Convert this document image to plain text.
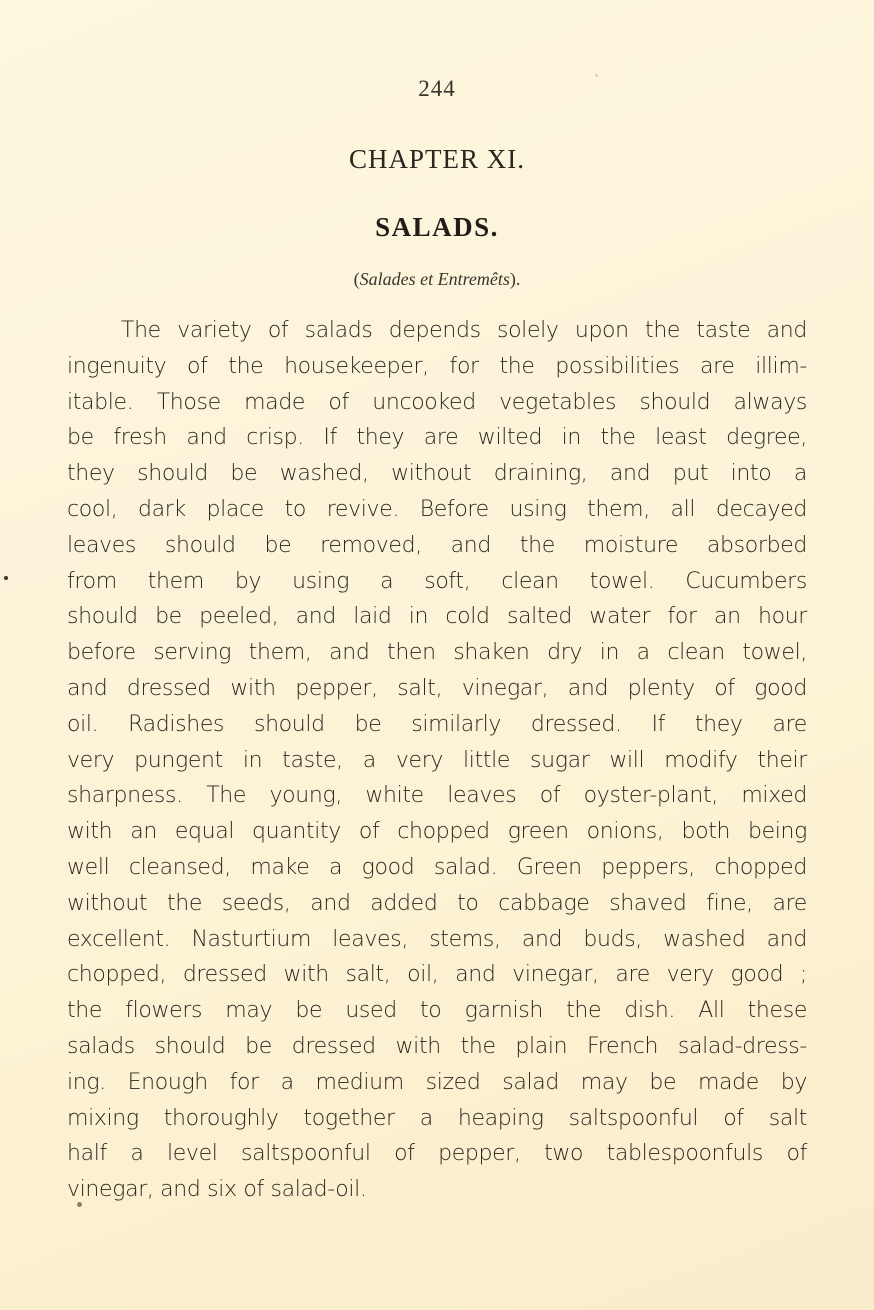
244
CHAPTER XI.
SALADS.
(Salades et Entremêts).
The variety of salads depends solely upon the taste and
ingenuity of the housekeeper, for the possibilities are illim-
itable. Those made of uncooked vegetables should always
be fresh and crisp. If they are wilted in the least degree,
they should be washed, without draining, and put into a
cool, dark place to revive. Before using them, all decayed
leaves should be removed, and the moisture absorbed
from them by using a soft, clean towel. Cucumbers
should be peeled, and laid in cold salted water for an hour
before serving them, and then shaken dry in a clean towel,
and dressed with pepper, salt, vinegar, and plenty of good
oil. Radishes should be similarly dressed. If they are
very pungent in taste, a very little sugar will modify their
sharpness. The young, white leaves of oyster-plant, mixed
with an equal quantity of chopped green onions, both being
well cleansed, make a good salad. Green peppers, chopped
without the seeds, and added to cabbage shaved fine, are
excellent. Nasturtium leaves, stems, and buds, washed and
chopped, dressed with salt, oil, and vinegar, are very good ;
the flowers may be used to garnish the dish. All these
salads should be dressed with the plain French salad-dress-
ing. Enough for a medium sized salad may be made by
mixing thoroughly together a heaping saltspoonful of salt
half a level saltspoonful of pepper, two tablespoonfuls of
vinegar, and six of salad-oil.
